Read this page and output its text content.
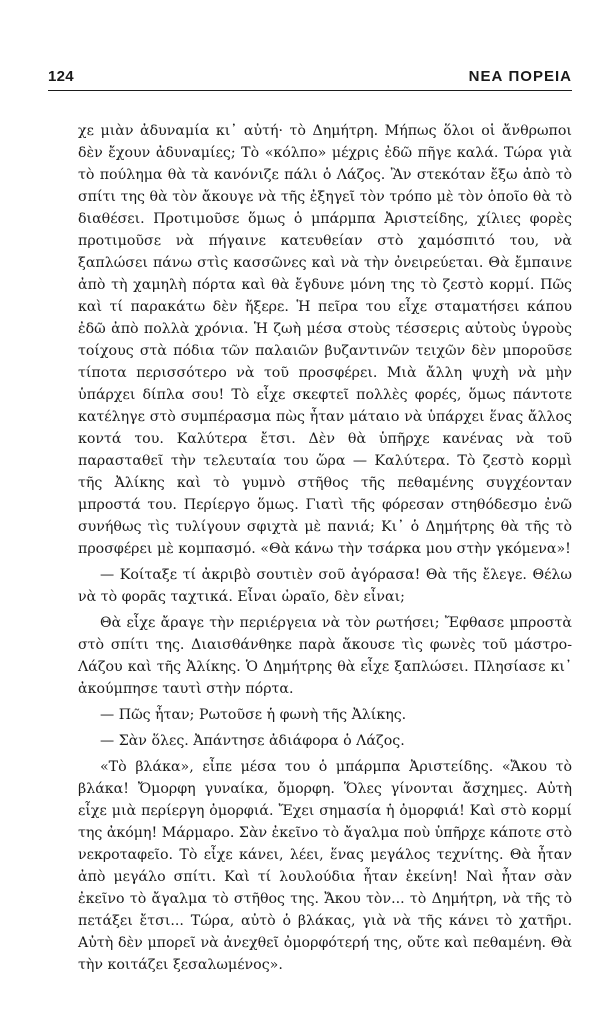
124	ΝΕΑ ΠΟΡΕΙΑ

χε μιὰν ἀδυναμία κι᾿ αὐτή· τὸ Δημήτρη. Μήπως ὅλοι οἱ ἄνθρωποι δὲν ἔχουν ἀδυναμίες; Τὸ «κόλπο» μέχρις ἐδῶ πῆγε καλά. Τώρα γιὰ τὸ πούλημα θὰ τὰ κανόνιζε πάλι ὁ Λάζος. Ἂν στεκόταν ἔξω ἀπὸ τὸ σπίτι της θὰ τὸν ἄκουγε νὰ τῆς ἐξηγεῖ τὸν τρόπο μὲ τὸν ὁποῖο θὰ τὸ διαθέσει. Προτιμοῦσε ὅμως ὁ μπάρμπα Ἀριστείδης, χίλιες φορὲς προτιμοῦσε νὰ πήγαινε κατευθείαν στὸ χαμόσπιτό του, νὰ ξαπλώσει πάνω στὶς κασσῶνες καὶ νὰ τὴν ὀνειρεύεται. Θὰ ἔμπαινε ἀπὸ τὴ χαμηλὴ πόρτα καὶ θὰ ἔγδυνε μόνη της τὸ ζεστὸ κορμί. Πῶς καὶ τί παρακάτω δὲν ἤξερε. Ἡ πεῖρα του εἶχε σταματήσει κάπου ἐδῶ ἀπὸ πολλὰ χρόνια. Ἡ ζωὴ μέσα στοὺς τέσσερις αὐτοὺς ὑγροὺς τοίχους στὰ πόδια τῶν παλαιῶν βυζαντινῶν τειχῶν δὲν μποροῦσε τίποτα περισσότερο νὰ τοῦ προσφέρει. Μιὰ ἄλλη ψυχὴ νὰ μὴν ὑπάρχει δίπλα σου! Τὸ εἶχε σκεφτεῖ πολλὲς φορές, ὅμως πάντοτε κατέληγε στὸ συμπέρασμα πὼς ἦταν μάταιο νὰ ὑπάρχει ἕνας ἄλλος κοντά του. Καλύτερα ἔτσι. Δὲν θὰ ὑπῆρχε κανένας νὰ τοῦ παρασταθεῖ τὴν τελευταία του ὥρα — Καλύτερα. Τὸ ζεστὸ κορμὶ τῆς Ἀλίκης καὶ τὸ γυμνὸ στῆθος τῆς πεθαμένης συγχέονταν μπροστά του. Περίεργο ὅμως. Γιατὶ τῆς φόρεσαν στηθόδεσμο ἐνῶ συνήθως τὶς τυλίγουν σφιχτὰ μὲ πανιά; Κι᾿ ὁ Δημήτρης θὰ τῆς τὸ προσφέρει μὲ κομπασμό. «Θὰ κάνω τὴν τσάρκα μου στὴν γκόμενα»!

— Κοίταξε τί ἀκριβὸ σουτιὲν σοῦ ἀγόρασα! Θὰ τῆς ἔλεγε. Θέλω νὰ τὸ φορᾶς ταχτικά. Εἶναι ὡραῖο, δὲν εἶναι;

Θὰ εἶχε ἄραγε τὴν περιέργεια νὰ τὸν ρωτήσει; Ἔφθασε μπροστὰ στὸ σπίτι της. Διαισθάνθηκε παρὰ ἄκουσε τὶς φωνὲς τοῦ μάστρο-Λάζου καὶ τῆς Ἀλίκης. Ὁ Δημήτρης θὰ εἶχε ξαπλώσει. Πλησίασε κι᾿ ἀκούμπησε ταυτὶ στὴν πόρτα.

— Πῶς ἦταν; Ρωτοῦσε ἡ φωνὴ τῆς Ἀλίκης.

— Σὰν ὅλες. Ἀπάντησε ἀδιάφορα ὁ Λάζος.

«Τὸ βλάκα», εἶπε μέσα του ὁ μπάρμπα Ἀριστείδης. «Ἄκου τὸ βλάκα! Ὄμορφη γυναίκα, ὄμορφη. Ὅλες γίνονται ἄσχημες. Αὐτὴ εἶχε μιὰ περίεργη ὀμορφιά. Ἔχει σημασία ἡ ὀμορφιά! Καὶ στὸ κορμί της ἀκόμη! Μάρμαρο. Σὰν ἐκεῖνο τὸ ἄγαλμα ποὺ ὑπῆρχε κάποτε στὸ νεκροταφεῖο. Τὸ εἶχε κάνει, λέει, ἕνας μεγάλος τεχνίτης. Θὰ ἦταν ἀπὸ μεγάλο σπίτι. Καὶ τί λουλούδια ἦταν ἐκείνη! Ναὶ ἦταν σὰν ἐκεῖνο τὸ ἄγαλμα τὸ στῆθος της. Ἄκου τὸν... τὸ Δημήτρη, νὰ τῆς τὸ πετάξει ἔτσι... Τώρα, αὐτὸ ὁ βλάκας, γιὰ νὰ τῆς κάνει τὸ χατῆρι. Αὐτὴ δὲν μπορεῖ νὰ ἀνεχθεῖ ὀμορφότερή της, οὔτε καὶ πεθαμένη. Θὰ τὴν κοιτάζει ξεσαλωμένος».
